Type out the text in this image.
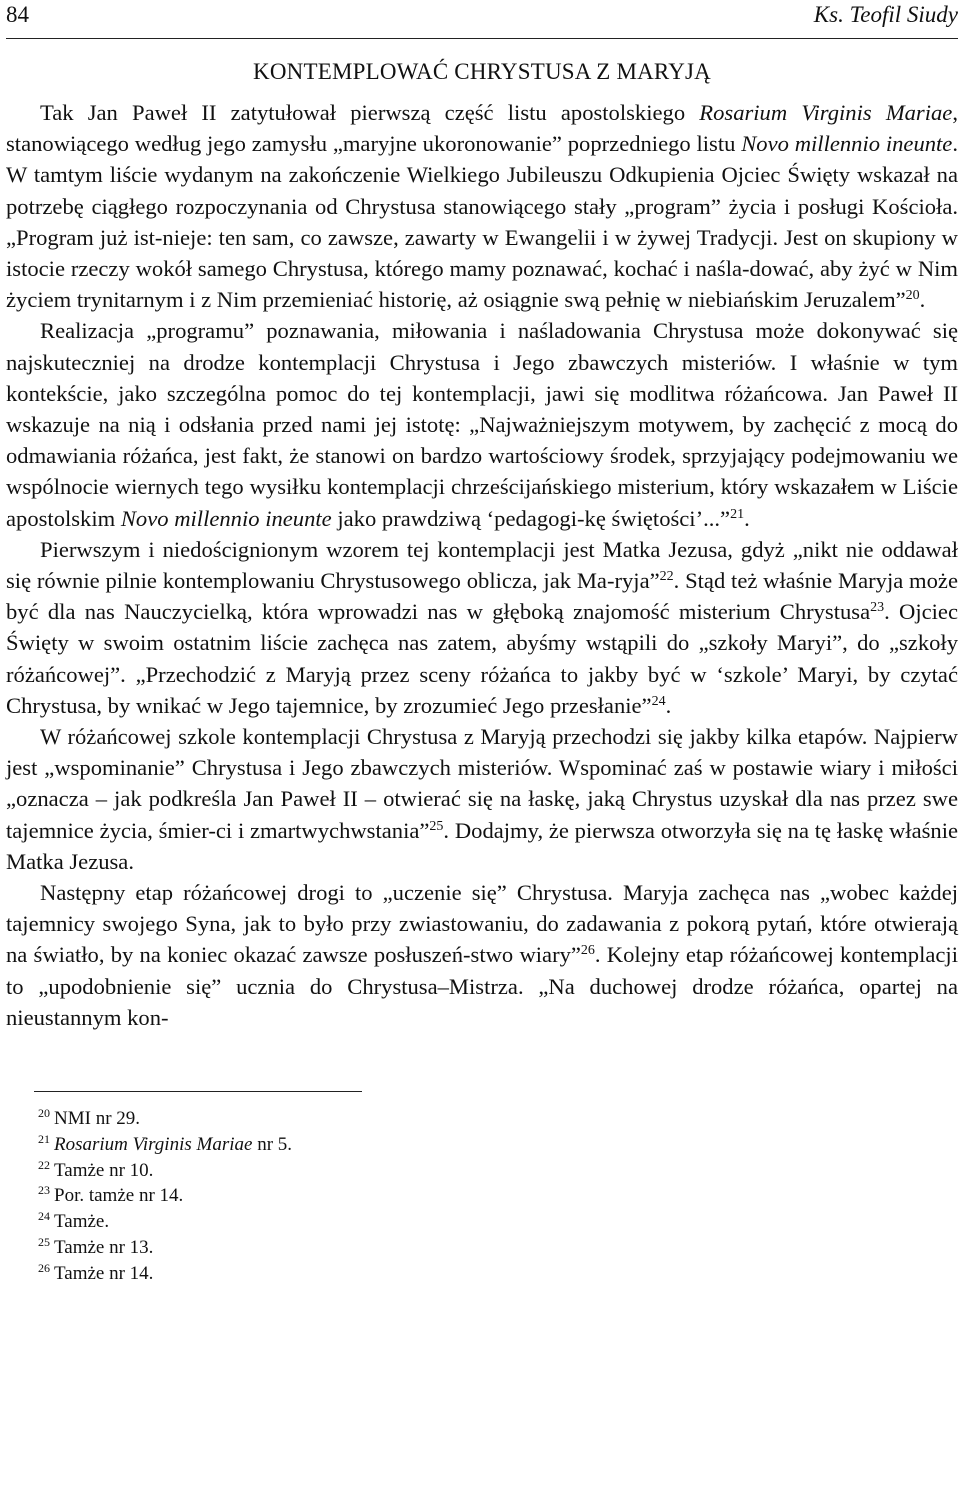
84	Ks. Teofil Siudy
KONTEMPLOWAĆ CHRYSTUSA Z MARYJĄ

Tak Jan Paweł II zatytułował pierwszą część listu apostolskiego Rosarium Virginis Mariae, stanowiącego według jego zamysłu „maryjne ukoronowanie” poprzedniego listu Novo millennio ineunte. W tamtym liście wydanym na zakończenie Wielkiego Jubileuszu Odkupienia Ojciec Święty wskazał na potrzebę ciągłego rozpoczynania od Chrystusa stanowiącego stały „program” życia i posługi Kościoła. „Program już ist-nieje: ten sam, co zawsze, zawarty w Ewangelii i w żywej Tradycji. Jest on skupiony w istocie rzeczy wokół samego Chrystusa, którego mamy poznawać, kochać i naśla-dować, aby żyć w Nim życiem trynitarnym i z Nim przemieniać historię, aż osiągnie swą pełnię w niebiańskim Jeruzalem”$^{20}$.

Realizacja „programu” poznawania, miłowania i naśladowania Chrystusa może dokonywać się najskuteczniej na drodze kontemplacji Chrystusa i Jego zbawczych misteriów. I właśnie w tym kontekście, jako szczególna pomoc do tej kontemplacji, jawi się modlitwa różańcowa. Jan Paweł II wskazuje na nią i odsłania przed nami jej istotę: „Najważniejszym motywem, by zachęcić z mocą do odmawiania różańca, jest fakt, że stanowi on bardzo wartościowy środek, sprzyjający podejmowaniu we wspólnocie wiernych tego wysiłku kontemplacji chrześcijańskiego misterium, który wskazałem w Liście apostolskim Novo millennio ineunte jako prawdziwą ‘pedagogi-kę świętości’...”$^{21}$.

Pierwszym i niedoścignionym wzorem tej kontemplacji jest Matka Jezusa, gdyż „nikt nie oddawał się równie pilnie kontemplowaniu Chrystusowego oblicza, jak Ma-ryja”$^{22}$. Stąd też właśnie Maryja może być dla nas Nauczycielką, która wprowadzi nas w głęboką znajomość misterium Chrystusa$^{23}$. Ojciec Święty w swoim ostatnim liście zachęca nas zatem, abyśmy wstąpili do „szkoły Maryi”, do „szkoły różańcowej”. „Przechodzić z Maryją przez sceny różańca to jakby być w ‘szkole’ Maryi, by czytać Chrystusa, by wnikać w Jego tajemnice, by zrozumieć Jego przesłanie”$^{24}$.

W różańcowej szkole kontemplacji Chrystusa z Maryją przechodzi się jakby kilka etapów. Najpierw jest „wspominanie” Chrystusa i Jego zbawczych misteriów. Wspominać zaś w postawie wiary i miłości „oznacza – jak podkreśla Jan Paweł II – otwierać się na łaskę, jaką Chrystus uzyskał dla nas przez swe tajemnice życia, śmier-ci i zmartwychwstania”$^{25}$. Dodajmy, że pierwsza otworzyła się na tę łaskę właśnie Matka Jezusa.

Następny etap różańcowej drogi to „uczenie się” Chrystusa. Maryja zachęca nas „wobec każdej tajemnicy swojego Syna, jak to było przy zwiastowaniu, do zadawania z pokorą pytań, które otwierają na światło, by na koniec okazać zawsze posłuszeń-stwo wiary”$^{26}$. Kolejny etap różańcowej kontemplacji to „upodobnienie się” ucznia do Chrystusa–Mistrza. „Na duchowej drodze różańca, opartej na nieustannym kon-

$^{20}$ NMI nr 29.
$^{21}$ Rosarium Virginis Mariae nr 5.
$^{22}$ Tamże nr 10.
$^{23}$ Por. tamże nr 14.
$^{24}$ Tamże.
$^{25}$ Tamże nr 13.
$^{26}$ Tamże nr 14.
